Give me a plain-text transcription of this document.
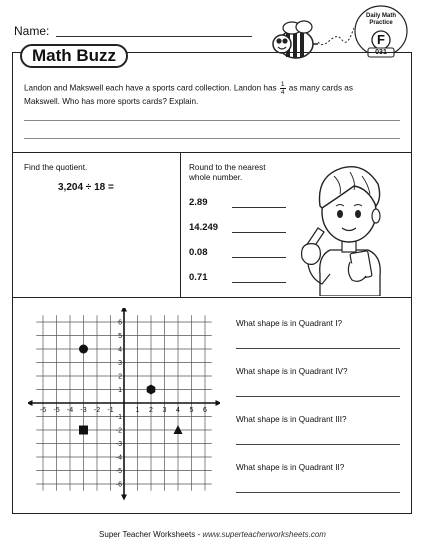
Name:
Daily Math
Practice
F
031
Math Buzz
Landon and Makswell each have a sports card collection. Landon has $\frac{1}{4}$ as many cards as
Makswell. Who has more sports cards? Explain.
Find the quotient.
3,204 ÷ 18 =
Round to the nearest
whole number.
2.89
14.249
0.08
0.71
-6 -5 -4 -3 -2 -1	1 2 3 4 5 6
6
5
4
3
2
1
-1
-2
-3
-4
-5
-6
What shape is in Quadrant I?
What shape is in Quadrant IV?
What shape is in Quadrant III?
What shape is in Quadrant II?
Super Teacher Worksheets - www.superteacherworksheets.com
